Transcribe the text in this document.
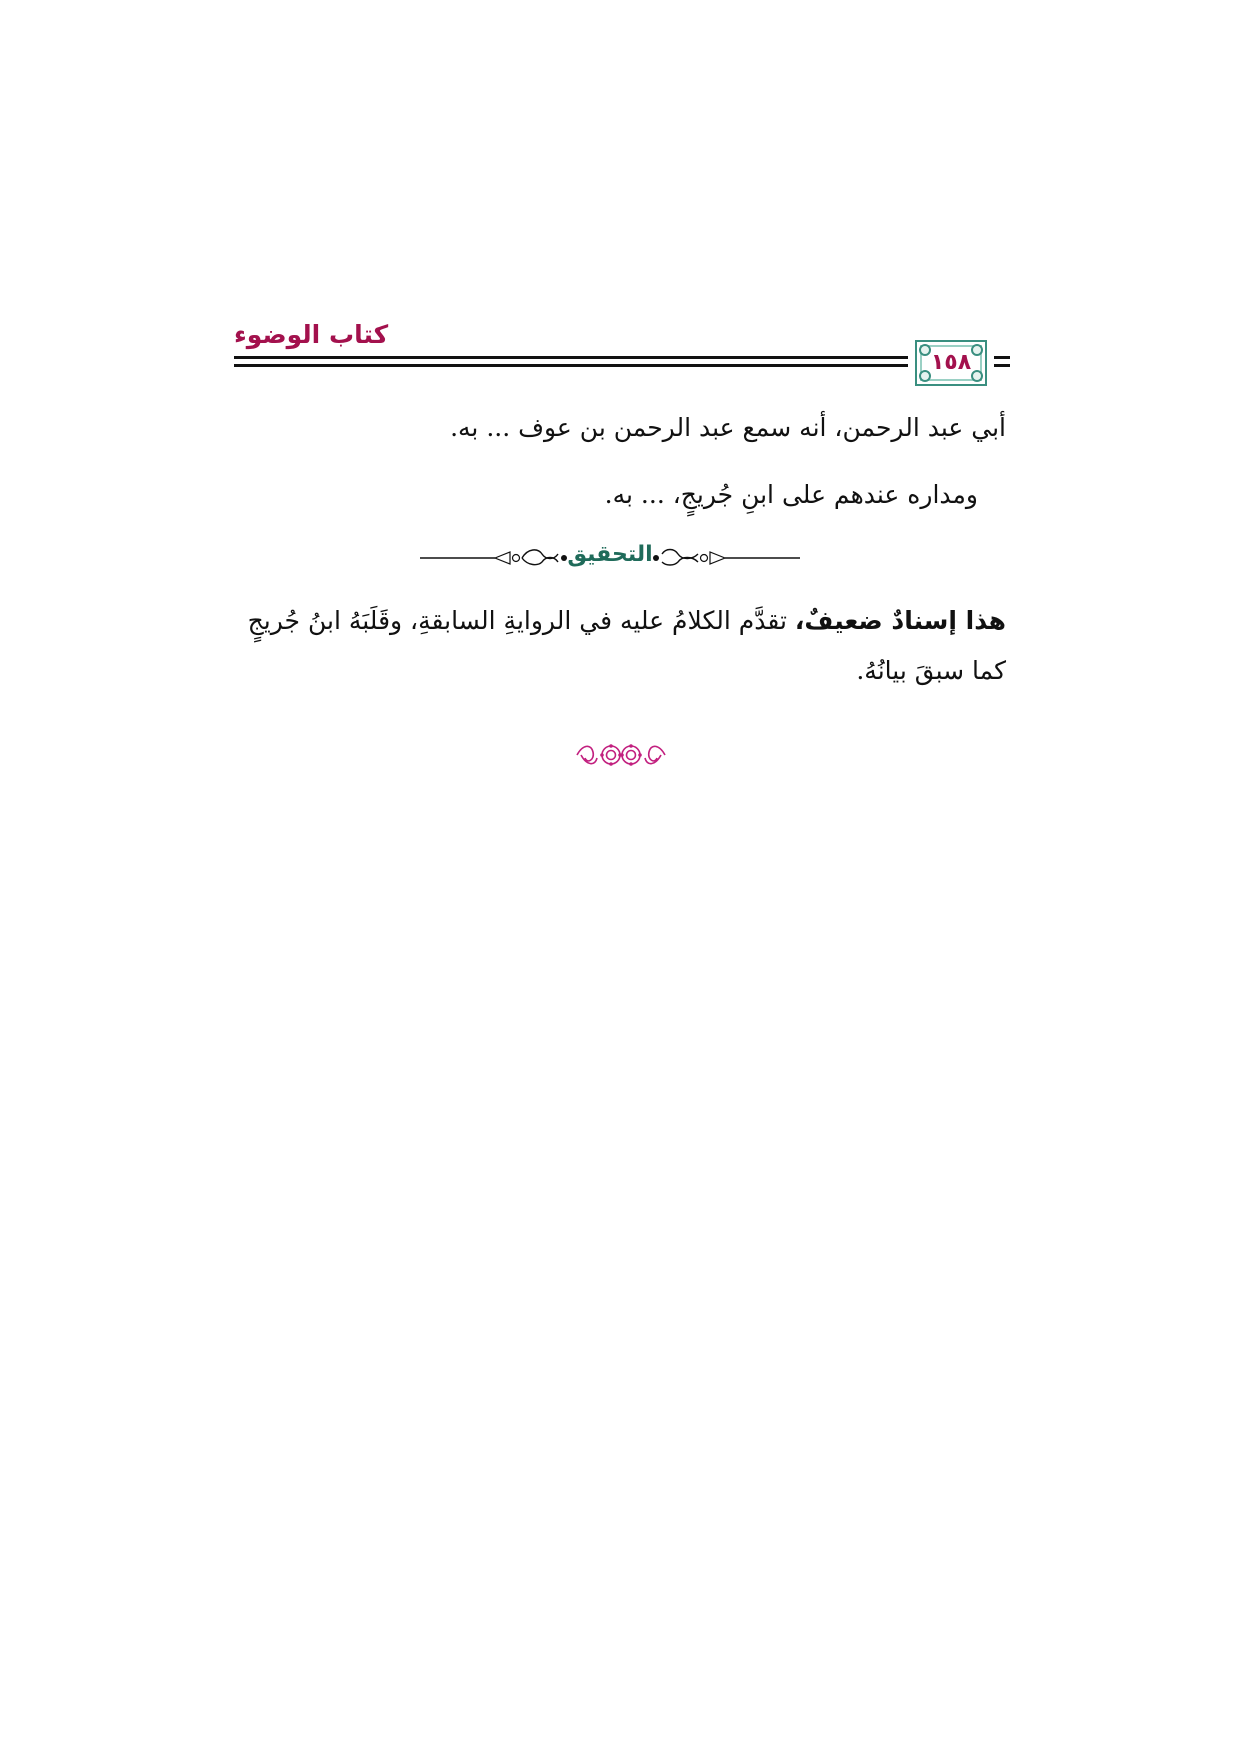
كتاب الوضوء
١٥٨
أبي عبد الرحمن، أنه سمع عبد الرحمن بن عوف ... به.
ومداره عندهم على ابنِ جُريجٍ، ... به.
التحقيق
هذا إسنادٌ ضعيفٌ، تقدَّم الكلامُ عليه في الروايةِ السابقةِ، وقَلَبَهُ ابنُ جُريجٍ كما سبقَ بيانُهُ.
